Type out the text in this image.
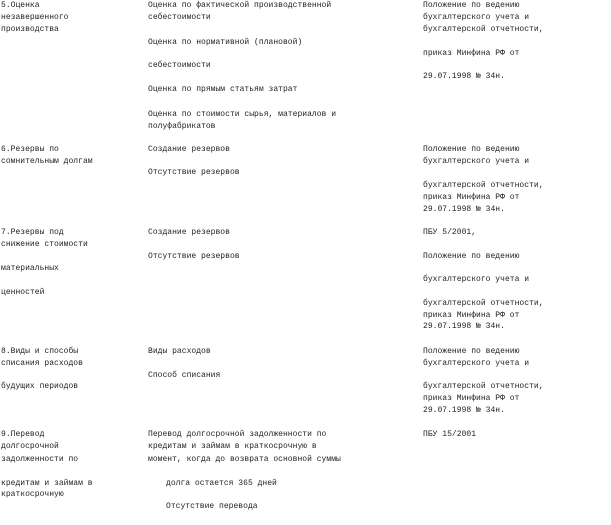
5.Оценка
незавершенного
производства
Оценка по фактической производственной
себестоимости
Оценка по нормативной (плановой)
себестоимости
Оценка по прямым статьям затрат
Оценка по стоимости сырья, материалов и
полуфабрикатов
Положение по ведению
бухгалтерского учета и
бухгалтерской отчетности,
приказ Минфина РФ от
29.07.1998 № 34н.
6.Резервы по
сомнительным долгам
Создание резервов
Отсутствие резервов
Положение по ведению
бухгалтерского учета и
бухгалтерской отчетности,
приказ Минфина РФ от
29.07.1998 № 34н.
7.Резервы под
снижение стоимости
материальных
ценностей
Создание резервов
Отсутствие резервов
ПБУ 5/2001,
Положение по ведению
бухгалтерского учета и
бухгалтерской отчетности,
приказ Минфина РФ от
29.07.1998 № 34н.
8.Виды и способы
списания расходов
будущих периодов
Виды расходов
Способ списания
Положение по ведению
бухгалтерского учета и
бухгалтерской отчетности,
приказ Минфина РФ от
29.07.1998 № 34н.
9.Перевод
долгосрочной
задолженности по
кредитам и займам в
краткосрочную
Перевод долгосрочной задолженности по
кредитам и займам в краткосрочную в
момент, когда до возврата основной суммы
долга остается 365 дней
Отсутствие перевода
ПБУ 15/2001
